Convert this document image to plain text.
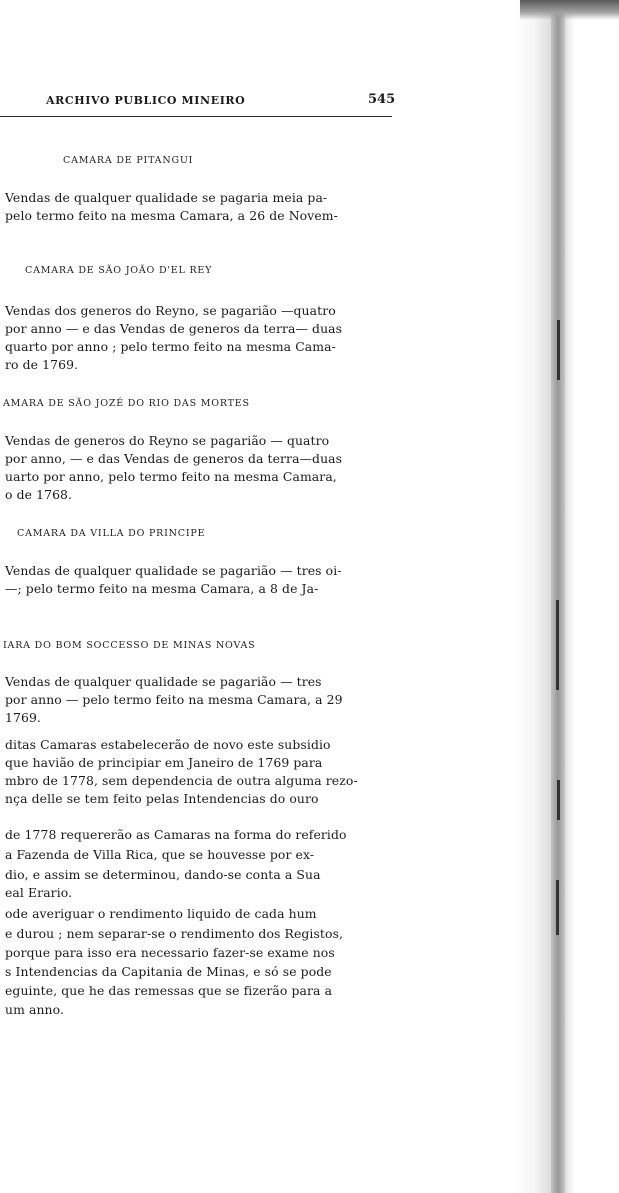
ARCHIVO PUBLICO MINEIRO	545
CAMARA DE PITANGUI
Vendas de qualquer qualidade se pagaria meia pa-
pelo termo feito na mesma Camara, a 26 de Novem-
CAMARA DE SÃO JOÃO D'EL REY
Vendas dos generos do Reyno, se pagarião —quatro
por anno — e das Vendas de generos da terra— duas
quarto por anno ; pelo termo feito na mesma Cama-
ro de 1769.
AMARA DE SÃO JOZÉ DO RIO DAS MORTES
Vendas de generos do Reyno se pagarião — quatro
por anno, — e das Vendas de generos da terra—duas
uarto por anno, pelo termo feito na mesma Camara,
o de 1768.
CAMARA DA VILLA DO PRINCIPE
Vendas de qualquer qualidade se pagarião — tres oi-
—; pelo termo feito na mesma Camara, a 8 de Ja-
IARA DO BOM SOCCESSO DE MINAS NOVAS
Vendas de qualquer qualidade se pagarião — tres
por anno — pelo termo feito na mesma Camara, a 29
1769.
ditas Camaras estabelecerão de novo este subsidio
que havião de principiar em Janeiro de 1769 para
mbro de 1778, sem dependencia de outra alguma rezo-
nça delle se tem feito pelas Intendencias do ouro
de 1778 requererão as Camaras na forma do referido
a Fazenda de Villa Rica, que se houvesse por ex-
dio, e assim se determinou, dando-se conta a Sua
eal Erario.
ode averiguar o rendimento liquido de cada hum
e durou ; nem separar-se o rendimento dos Registos,
porque para isso era necessario fazer-se exame nos
s Intendencias da Capitania de Minas, e só se pode
eguinte, que he das remessas que se fizerão para a
um anno.
